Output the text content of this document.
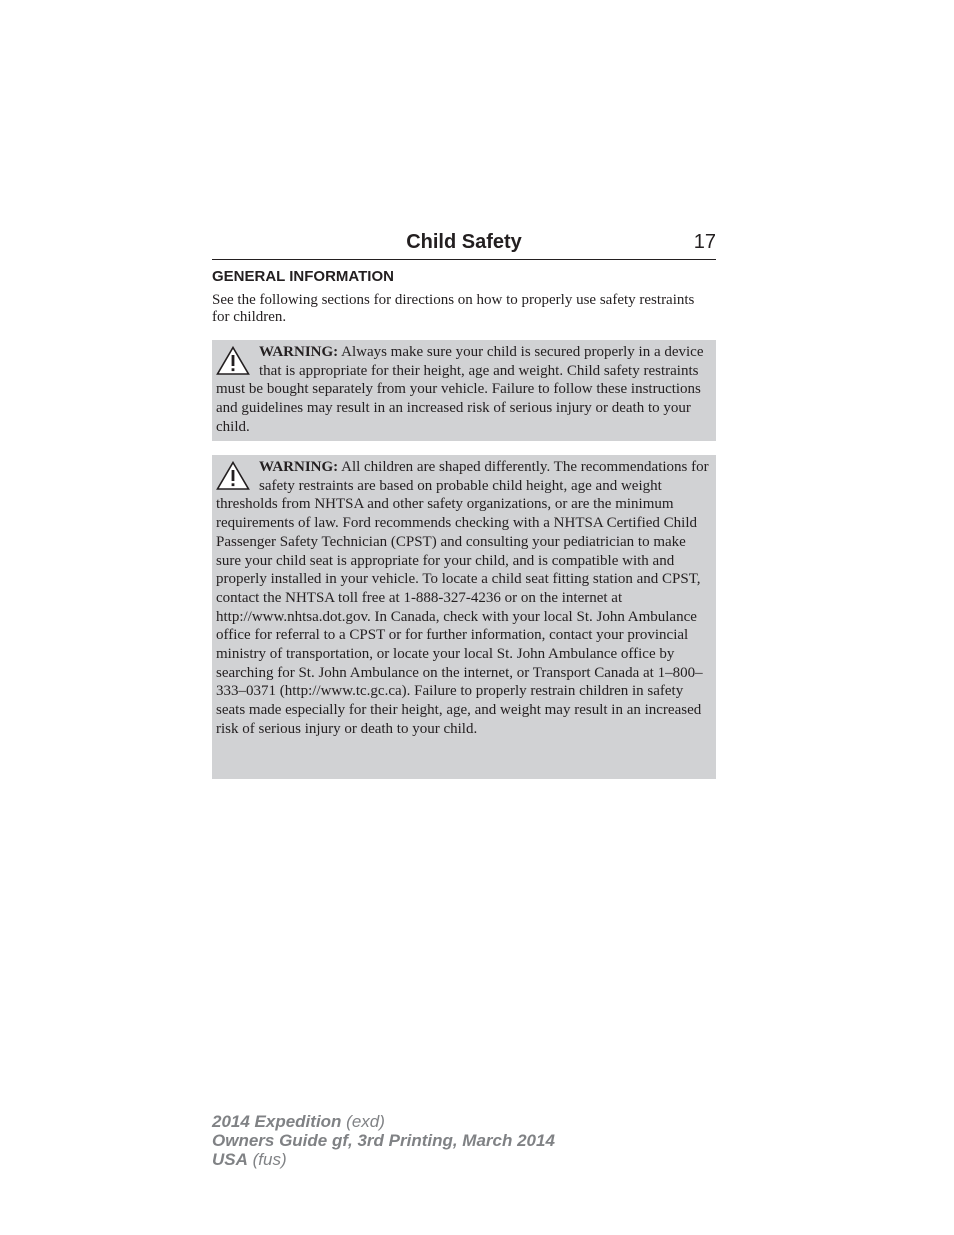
Child Safety	17
GENERAL INFORMATION

See the following sections for directions on how to properly use safety restraints for children.

WARNING: Always make sure your child is secured properly in a device that is appropriate for their height, age and weight. Child safety restraints must be bought separately from your vehicle. Failure to follow these instructions and guidelines may result in an increased risk of serious injury or death to your child.
WARNING: All children are shaped differently. The recommendations for safety restraints are based on probable child height, age and weight thresholds from NHTSA and other safety organizations, or are the minimum requirements of law. Ford recommends checking with a NHTSA Certified Child Passenger Safety Technician (CPST) and consulting your pediatrician to make sure your child seat is appropriate for your child, and is compatible with and properly installed in your vehicle. To locate a child seat fitting station and CPST, contact the NHTSA toll free at 1-888-327-4236 or on the internet at http://www.nhtsa.dot.gov. In Canada, check with your local St. John Ambulance office for referral to a CPST or for further information, contact your provincial ministry of transportation, or locate your local St. John Ambulance office by searching for St. John Ambulance on the internet, or Transport Canada at 1–800–333–0371 (http://www.tc.gc.ca). Failure to properly restrain children in safety seats made especially for their height, age, and weight may result in an increased risk of serious injury or death to your child.
2014 Expedition (exd)
Owners Guide gf, 3rd Printing, March 2014
USA (fus)
